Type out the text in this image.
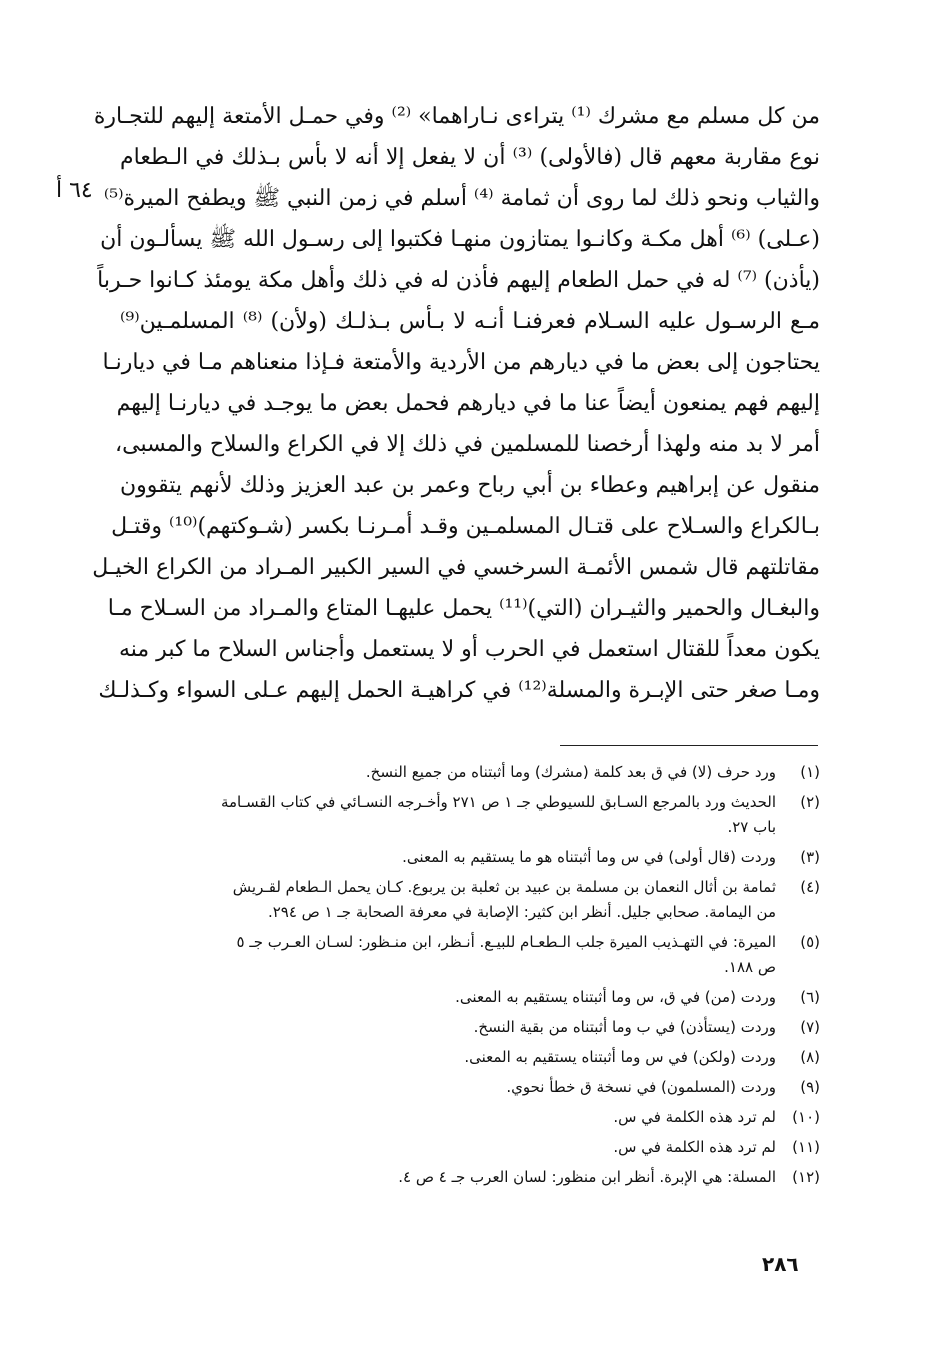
من كل مسلم مع مشرك ⁽¹⁾ يتراءى نـاراهما» ⁽²⁾ وفي حمـل الأمتعة إليهم للتجـارة
نوع مقاربة معهم قال (فالأولى) ⁽³⁾ أن لا يفعل إلا أنه لا بأس بـذلك في الـطعام
والثياب ونحو ذلك لما روى أن ثمامة ⁽⁴⁾ أسلم في زمن النبي ﷺ ويطفح الميرة⁽⁵⁾
(عـلى) ⁽⁶⁾ أهل مكـة وكانـوا يمتازون منهـا فكتبوا إلى رسـول الله ﷺ يسألـون أن
(يأذن) ⁽⁷⁾ له في حمل الطعام إليهم فأذن له في ذلك وأهل مكة يومئذ كـانوا حـرباً
مـع الرسـول عليه السـلام فعرفنـا أنـه لا بـأس بـذلـك (ولأن) ⁽⁸⁾ المسلمـين⁽⁹⁾
يحتاجون إلى بعض ما في ديارهم من الأردية والأمتعة فـإذا منعناهم مـا في ديارنـا
إليهم فهم يمنعون أيضاً عنا ما في ديارهم فحمل بعض ما يوجـد في ديارنـا إليهم
أمر لا بد منه ولهذا أرخصنا للمسلمين في ذلك إلا في الكراع والسلاح والمسبى،
منقول عن إبراهيم وعطاء بن أبي رباح وعمر بن عبد العزيز وذلك لأنهم يتقوون
بـالكراع والسـلاح على قتـال المسلمـين وقـد أمـرنـا بكسر (شـوكتهم)⁽¹⁰⁾ وقتـل
مقاتلتهم قال شمس الأئمـة السرخسي في السير الكبير المـراد من الكراع الخيـل
والبغـال والحمير والثيـران (التي)⁽¹¹⁾ يحمل عليهـا المتاع والمـراد من السـلاح مـا
يكون معداً للقتال استعمل في الحرب أو لا يستعمل وأجناس السلاح ما كبر منه
ومـا صغر حتى الإبـرة والمسلة⁽¹²⁾ في كراهيـة الحمل إليهم عـلى السواء وكـذلـك
٦٤ أ
(١)
ورد حرف (لا) في ق بعد كلمة (مشرك) وما أثبتناه من جميع النسخ.
(٢)
الحديث ورد بالمرجع السـابق للسيوطي جـ ١ ص ٢٧١ وأخـرجه النسـائي في كتاب القسـامة
باب ٢٧.
(٣)
وردت (قال أولى) في س وما أثبتناه هو ما يستقيم به المعنى.
(٤)
ثمامة بن أثال النعمان بن مسلمة بن عبيد بن ثعلبة بن يربوع. كـان يحمل الـطعام لقـريش
من اليمامة. صحابي جليل. أنظر ابن كثير: الإصابة في معرفة الصحابة جـ ١ ص ٢٩٤.
(٥)
الميرة: في التهـذيب الميرة جلب الـطعـام للبيـع. أنـظر، ابن منـظور: لسـان العـرب جـ ٥
ص ١٨٨.
(٦)
وردت (من) في ق، س وما أثبتناه يستقيم به المعنى.
(٧)
وردت (يستأذن) في ب وما أثبتناه من بقية النسخ.
(٨)
وردت (ولكن) في س وما أثبتناه يستقيم به المعنى.
(٩)
وردت (المسلمون) في نسخة ق خطأ نحوي.
(١٠)
لم ترد هذه الكلمة في س.
(١١)
لم ترد هذه الكلمة في س.
(١٢)
المسلة: هي الإبرة. أنظر ابن منظور: لسان العرب جـ ٤ ص ٤.
٢٨٦
